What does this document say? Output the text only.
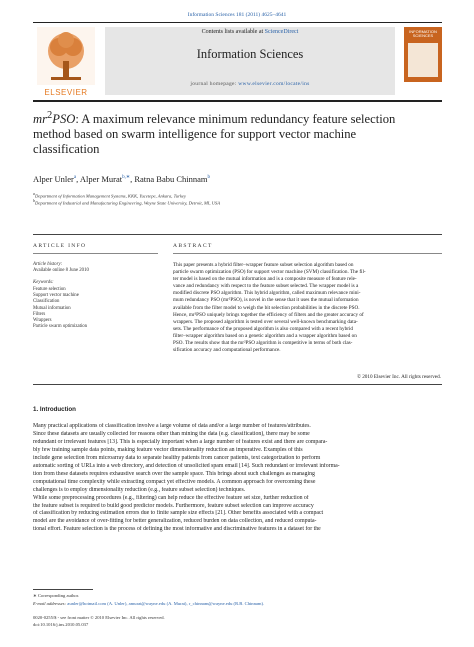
Information Sciences 181 (2011) 4625–4641
ELSEVIER
Contents lists available at ScienceDirect
Information Sciences
journal homepage: www.elsevier.com/locate/ins
INFORMATION SCIENCES
$mr^2PSO$: A maximum relevance minimum redundancy feature selection method based on swarm intelligence for support vector machine classification
Alper Unler$^a$, Alper Murat$^{b,∗}$, Ratna Babu Chinnam$^b$
$^a$Department of Information Management Systems, KKK, Yucetepe, Ankara, Turkey
$^b$Department of Industrial and Manufacturing Engineering, Wayne State University, Detroit, MI, USA
ARTICLE INFO	ABSTRACT
Article history:
Available online 8 June 2010
Keywords:
Feature selection
Support vector machine
Classification
Mutual information
Filters
Wrappers
Particle swarm optimization
This paper presents a hybrid filter–wrapper feature subset selection algorithm based on
particle swarm optimization (PSO) for support vector machine (SVM) classification. The fil-
ter model is based on the mutual information and is a composite measure of feature rele-
vance and redundancy with respect to the feature subset selected. The wrapper model is a
modified discrete PSO algorithm. This hybrid algorithm, called maximum relevance mini-
mum redundancy PSO (mr²PSO), is novel in the sense that it uses the mutual information
available from the filter model to weigh the bit selection probabilities in the discrete PSO.
Hence, mr²PSO uniquely brings together the efficiency of filters and the greater accuracy of
wrappers. The proposed algorithm is tested over several well-known benchmarking data-
sets. The performance of the proposed algorithm is also compared with a recent hybrid
filter–wrapper algorithm based on a genetic algorithm and a wrapper algorithm based on
PSO. The results show that the mr²PSO algorithm is competitive in terms of both clas-
sification accuracy and computational performance.
© 2010 Elsevier Inc. All rights reserved.
1. Introduction
Many practical applications of classification involve a large volume of data and/or a large number of features/attributes.
Since these datasets are usually collected for reasons other than mining the data (e.g. classification), there may be some
redundant or irrelevant features [13]. This is especially important when a large number of features exist and there are compara-
bly few training sample data points, making feature vector dimensionality reduction an imperative. Examples of this
include gene selection from microarray data to separate healthy patients from cancer patients, text categorization to perform
automatic sorting of URLs into a web directory, and detection of unsolicited spam email [14]. Such redundant or irrelevant informa-
tion from these datasets requires exhaustive search over the sample space. This brings about such challenges as managing
computational time complexity while extracting compact yet effective models. A common approach for overcoming these
challenges is to employ dimensionality reduction (e.g., feature subset selection) techniques.
While some preprocessing procedures (e.g., filtering) can help reduce the effective feature set size, further reduction of
the feature subset is required to build good predictor models. Furthermore, feature subset selection can improve accuracy
of classification by reducing estimation errors due to finite sample size effects [21]. Other benefits associated with a compact
model are the avoidance of over-fitting for better generalization, reduced burden on data collection, and reduced computa-
tional effort. Feature selection is the process of defining the most informative and discriminative features in a dataset for the
∗ Corresponding author.
E-mail addresses: aunler@hotmail.com (A. Unler), amurat@wayne.edu (A. Murat), r_chinnam@wayne.edu (R.B. Chinnam).
0020-0255/$ - see front matter © 2010 Elsevier Inc. All rights reserved.
doi:10.1016/j.ins.2010.05.037
